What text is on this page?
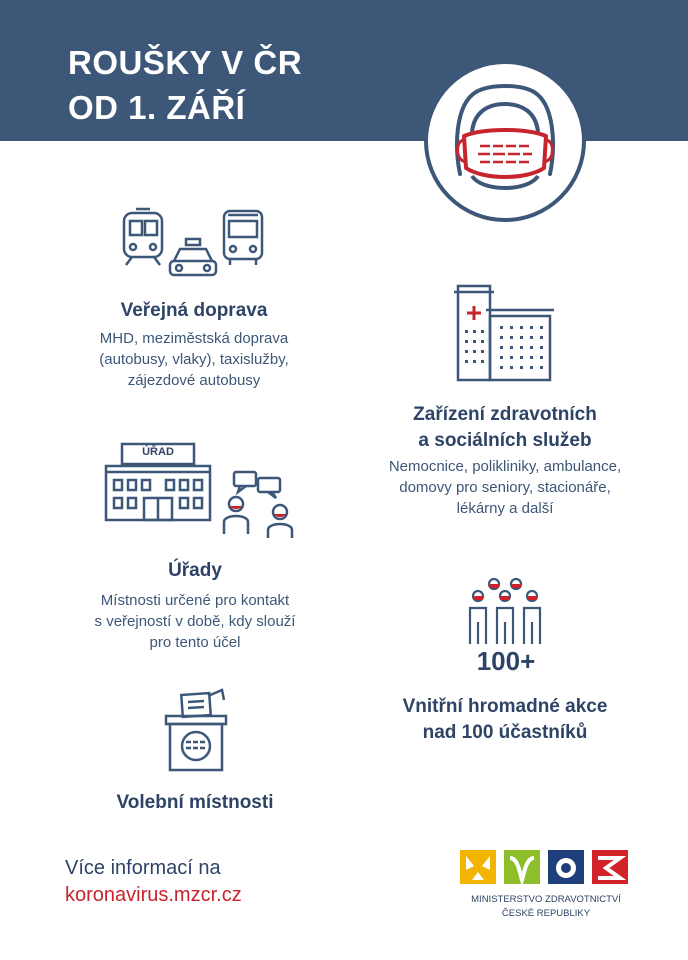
ROUŠKY V ČR
OD 1. ZÁŘÍ
Veřejná doprava
MHD, meziměstská doprava
(autobusy, vlaky), taxislužby,
zájezdové autobusy
Zařízení zdravotních
a sociálních služeb
Nemocnice, polikliniky, ambulance,
domovy pro seniory, stacionáře,
lékárny a další
ÚŘAD
Úřady
Místnosti určené pro kontakt
s veřejností v době, kdy slouží
pro tento účel
100+
Vnitřní hromadné akce
nad 100 účastníků
Volební místnosti
Více informací na
koronavirus.mzcr.cz	MINISTERSTVO ZDRAVOTNICTVÍ
ČESKÉ REPUBLIKY
